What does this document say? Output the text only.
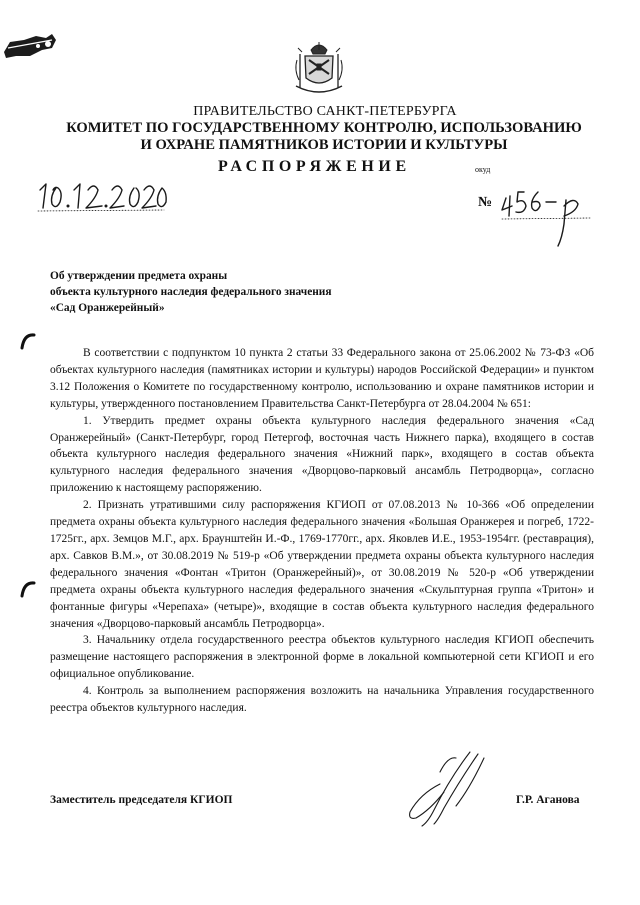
ПРАВИТЕЛЬСТВО САНКТ-ПЕТЕРБУРГА
КОМИТЕТ ПО ГОСУДАРСТВЕННОМУ КОНТРОЛЮ, ИСПОЛЬЗОВАНИЮ
И ОХРАНЕ ПАМЯТНИКОВ ИСТОРИИ И КУЛЬТУРЫ
РАСПОРЯЖЕНИЕ	окуд
№
Об утверждении предмета охраны
объекта культурного наследия федерального значения
«Сад Оранжерейный»

В соответствии с подпунктом 10 пункта 2 статьи 33 Федерального закона от 25.06.2002 № 73-ФЗ «Об объектах культурного наследия (памятниках истории и культуры) народов Российской Федерации» и пунктом 3.12 Положения о Комитете по государственному контролю, использованию и охране памятников истории и культуры, утвержденного постановлением Правительства Санкт-Петербурга от 28.04.2004 № 651:

1. Утвердить предмет охраны объекта культурного наследия федерального значения «Сад Оранжерейный» (Санкт-Петербург, город Петергоф, восточная часть Нижнего парка), входящего в состав объекта культурного наследия федерального значения «Нижний парк», входящего в состав объекта культурного наследия федерального значения «Дворцово-парковый ансамбль Петродворца», согласно приложению к настоящему распоряжению.

2. Признать утратившими силу распоряжения КГИОП от 07.08.2013 № 10-366 «Об определении предмета охраны объекта культурного наследия федерального значения «Большая Оранжерея и погреб, 1722-1725гг., арх. Земцов М.Г., арх. Браунштейн И.-Ф., 1769-1770гг., арх. Яковлев И.Е., 1953-1954гг. (реставрация), арх. Савков В.М.», от 30.08.2019 № 519-р «Об утверждении предмета охраны объекта культурного наследия федерального значения «Фонтан «Тритон (Оранжерейный)», от 30.08.2019 № 520-р «Об утверждении предмета охраны объекта культурного наследия федерального значения «Скульптурная группа «Тритон» и фонтанные фигуры «Черепаха» (четыре)», входящие в состав объекта культурного наследия федерального значения «Дворцово-парковый ансамбль Петродворца».

3. Начальнику отдела государственного реестра объектов культурного наследия КГИОП обеспечить размещение настоящего распоряжения в электронной форме в локальной компьютерной сети КГИОП и его официальное опубликование.

4. Контроль за выполнением распоряжения возложить на начальника Управления государственного реестра объектов культурного наследия.

Заместитель председателя КГИОП	Г.Р. Аганова
